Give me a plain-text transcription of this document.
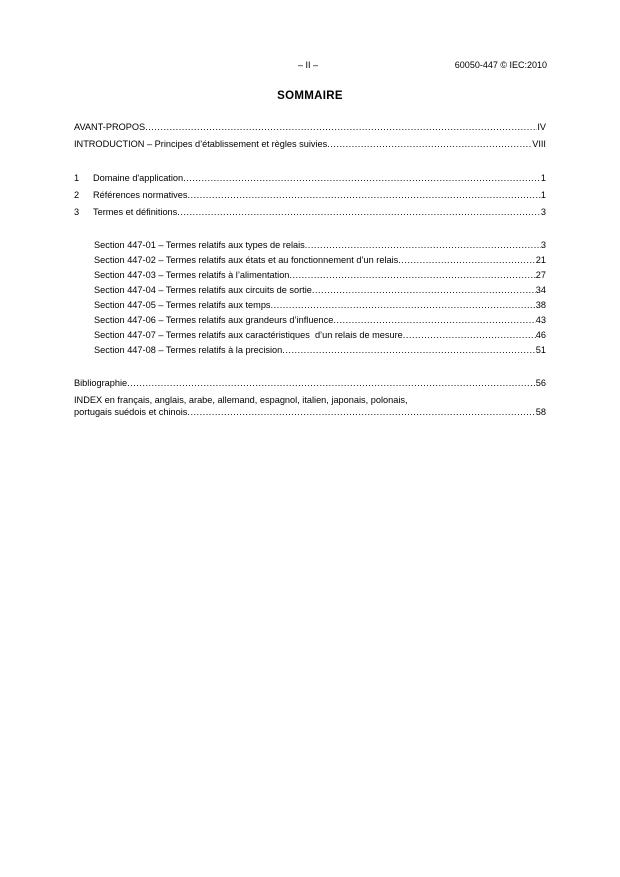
– II –	60050-447 © IEC:2010
SOMMAIRE
AVANT-PROPOS .....	IV
INTRODUCTION – Principes d’établissement et règles suivies .....	VIII
1	Domaine d'application .....	1
2	Références normatives .....	1
3	Termes et définitions .....	3
Section 447-01 – Termes relatifs aux types de relais .....	3
Section 447-02 – Termes relatifs aux états et au fonctionnement d’un relais .....	21
Section 447-03 – Termes relatifs à l’alimentation .....	27
Section 447-04 – Termes relatifs aux circuits de sortie .....	34
Section 447-05 – Termes relatifs aux temps .....	38
Section 447-06 – Termes relatifs aux grandeurs d’influence .....	43
Section 447-07 – Termes relatifs aux caractéristiques  d’un relais de mesure .....	46
Section 447-08 – Termes relatifs à la precision .....	51
Bibliographie .....	56
INDEX en français, anglais, arabe, allemand, espagnol, italien, japonais, polonais,
portugais suédois et chinois .....	58
